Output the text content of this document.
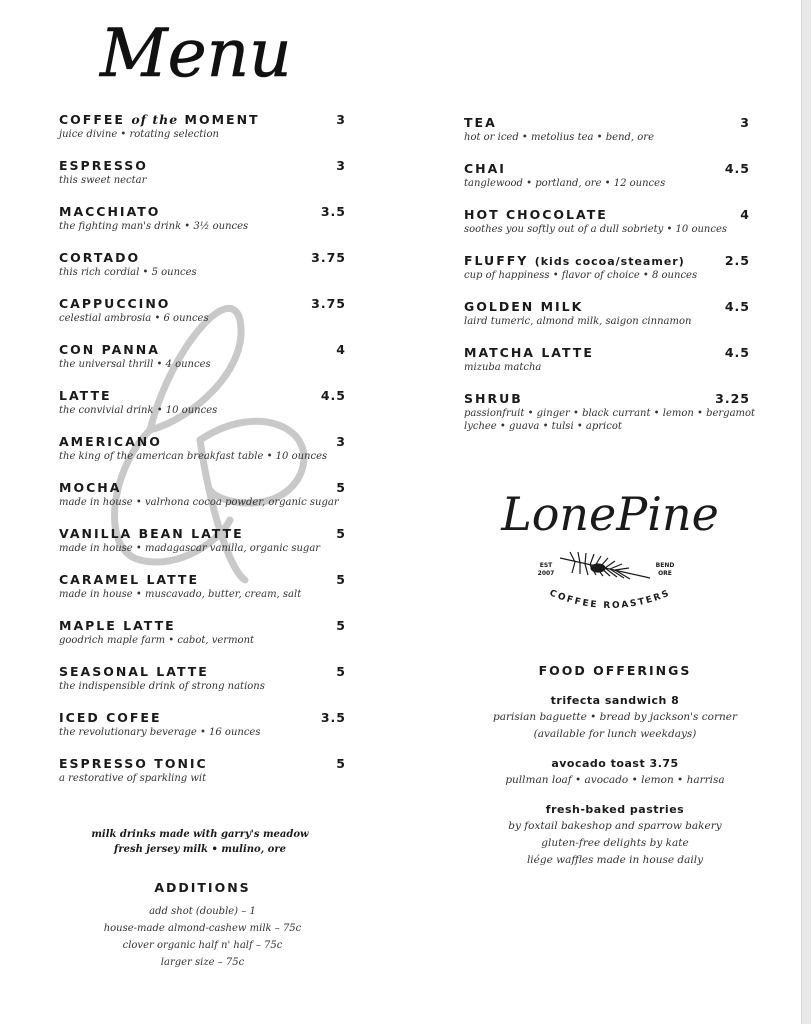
Menu
COFFEE of the MOMENT
juice divine • rotating selection
3
ESPRESSO
this sweet nectar
3
MACCHIATO
the fighting man's drink • 3½ ounces
3.5
CORTADO
this rich cordial • 5 ounces
3.75
CAPPUCCINO
celestial ambrosia • 6 ounces
3.75
CON PANNA
the universal thrill • 4 ounces
4
LATTE
the convivial drink • 10 ounces
4.5
AMERICANO
the king of the american breakfast table • 10 ounces
3
MOCHA
made in house • valrhona cocoa powder, organic sugar
5
VANILLA BEAN LATTE
made in house • madagascar vanilla, organic sugar
5
CARAMEL LATTE
made in house • muscavado, butter, cream, salt
5
MAPLE LATTE
goodrich maple farm • cabot, vermont
5
SEASONAL LATTE
the indispensible drink of strong nations
5
ICED COFEE
the revolutionary beverage • 16 ounces
3.5
ESPRESSO TONIC
a restorative of sparkling wit
5
milk drinks made with garry's meadow
fresh jersey milk • mulino, ore
ADDITIONS
add shot (double) – 1
house-made almond-cashew milk – 75c
clover organic half n' half – 75c
larger size – 75c
TEA
hot or iced • metolius tea • bend, ore
3
CHAI
tanglewood • portland, ore • 12 ounces
4.5
HOT CHOCOLATE
soothes you softly out of a dull sobriety • 10 ounces
4
FLUFFY (kids cocoa/steamer)
cup of happiness • flavor of choice • 8 ounces
2.5
GOLDEN MILK
laird tumeric, almond milk, saigon cinnamon
4.5
MATCHA LATTE
mizuba matcha
4.5
SHRUB
passionfruit • ginger • black currant • lemon • bergamot
lychee • guava • tulsi • apricot
3.25
LonePine
EST
2007
BEND
ORE
COFFEE ROASTERS
FOOD OFFERINGS
trifecta sandwich 8
parisian baguette • bread by jackson's corner
(available for lunch weekdays)
avocado toast 3.75
pullman loaf • avocado • lemon • harrisa
fresh-baked pastries
by foxtail bakeshop and sparrow bakery
gluten-free delights by kate
liége waffles made in house daily
